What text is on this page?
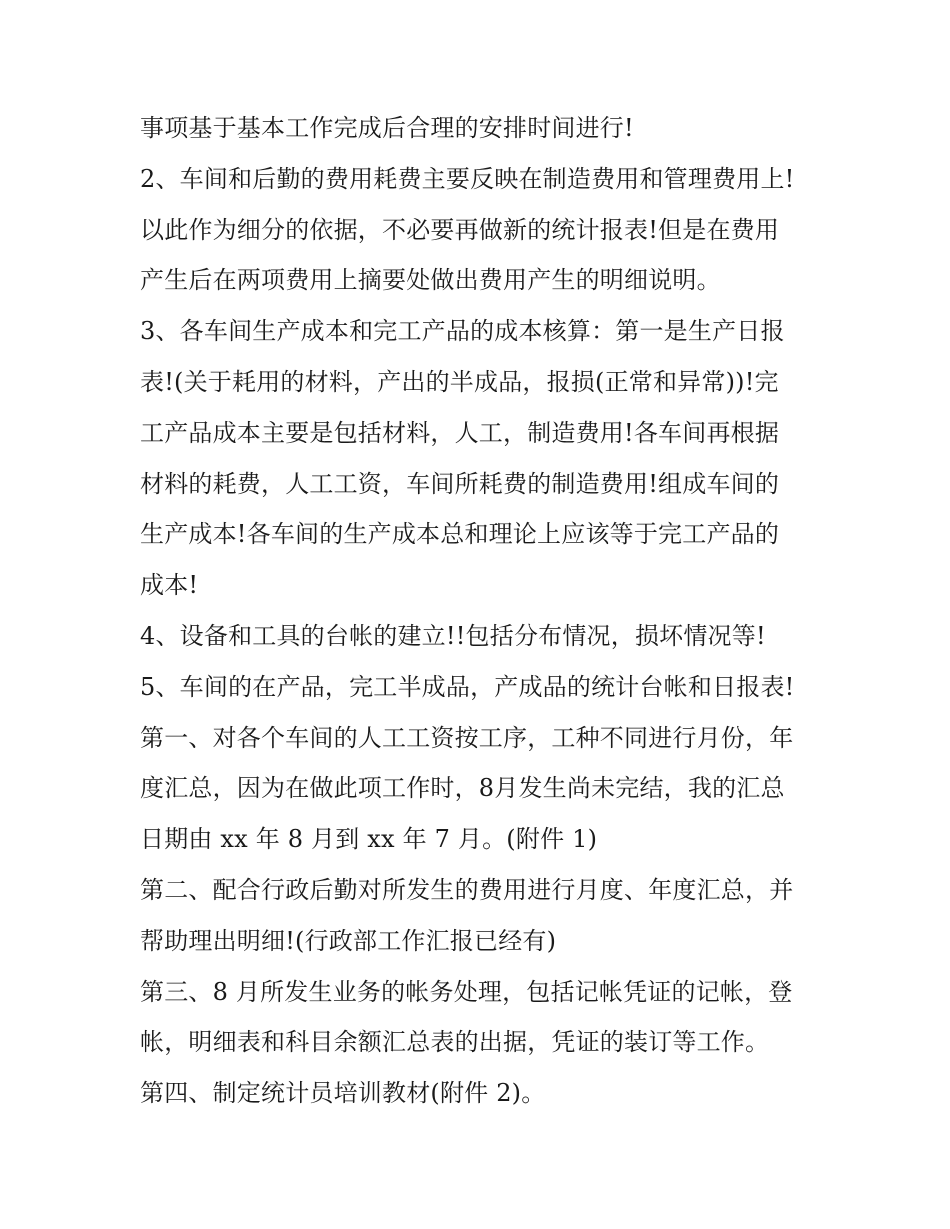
事项基于基本工作完成后合理的安排时间进行!
2、车间和后勤的费用耗费主要反映在制造费用和管理费用上!
以此作为细分的依据，不必要再做新的统计报表!但是在费用
产生后在两项费用上摘要处做出费用产生的明细说明。
3、各车间生产成本和完工产品的成本核算：第一是生产日报
表!(关于耗用的材料，产出的半成品，报损(正常和异常))!完
工产品成本主要是包括材料，人工，制造费用!各车间再根据
材料的耗费，人工工资，车间所耗费的制造费用!组成车间的
生产成本!各车间的生产成本总和理论上应该等于完工产品的
成本!
4、设备和工具的台帐的建立!!包括分布情况，损坏情况等!
5、车间的在产品，完工半成品，产成品的统计台帐和日报表!
第一、对各个车间的人工工资按工序，工种不同进行月份，年
度汇总，因为在做此项工作时，8月发生尚未完结，我的汇总
日期由 xx 年 8 月到 xx 年 7 月。(附件 1)
第二、配合行政后勤对所发生的费用进行月度、年度汇总，并
帮助理出明细!(行政部工作汇报已经有)
第三、8 月所发生业务的帐务处理，包括记帐凭证的记帐，登
帐，明细表和科目余额汇总表的出据，凭证的装订等工作。
第四、制定统计员培训教材(附件 2)。
